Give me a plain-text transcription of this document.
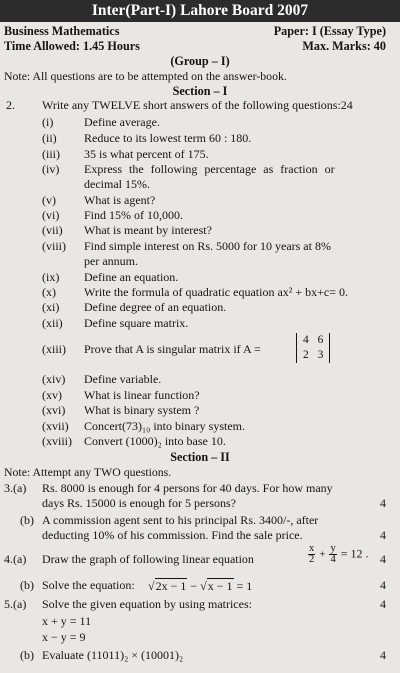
Inter(Part-I) Lahore Board 2007
Business Mathematics	Paper: I (Essay Type)
Time Allowed: 1.45 Hours	Max. Marks: 40
(Group – I)
Note: All questions are to be attempted on the answer-book.
Section – I
2. Write any TWELVE short answers of the following questions:24
(i)	Define average.
(ii) Reduce to its lowest term 60 : 180.
(iii) 35 is what percent of 175.
(iv) Express the following percentage as fraction or
decimal 15%.
(v) What is agent?
(vi) Find 15% of 10,000.
(vii) What is meant by interest?
(viii) Find simple interest on Rs. 5000 for 10 years at 8%
per annum.
(ix) Define an equation.
(x) Write the formula of quadratic equation ax² + bx+c= 0.
(xi) Define degree of an equation.
(xii) Define square matrix.
(xiii) Prove that A is singular matrix if A =
4 6
2 3
(xiv) Define variable.
(xv) What is linear function?
(xvi) What is binary system ?
(xvii) Concert(73)₁₀ into binary system.
(xviii) Convert (1000)₂ into base 10.
Section – II
Note: Attempt any TWO questions.
3.(a) Rs. 8000 is enough for 4 persons for 40 days. For how many
days Rs. 15000 is enough for 5 persons?	4
(b) A commission agent sent to his principal Rs. 3400/-, after
deducting 10% of his commission. Find the sale price.	4
4.(a) Draw the graph of following linear equation	$\frac{x}{2} + \frac{y}{4} = 12$ . 4
(b) Solve the equation: √2x − 1 − √x − 1 = 1	4
5.(a) Solve the given equation by using matrices:	4
x + y = 11
x − y = 9
(b) Evaluate (11011)₂ × (10001)₂	4
